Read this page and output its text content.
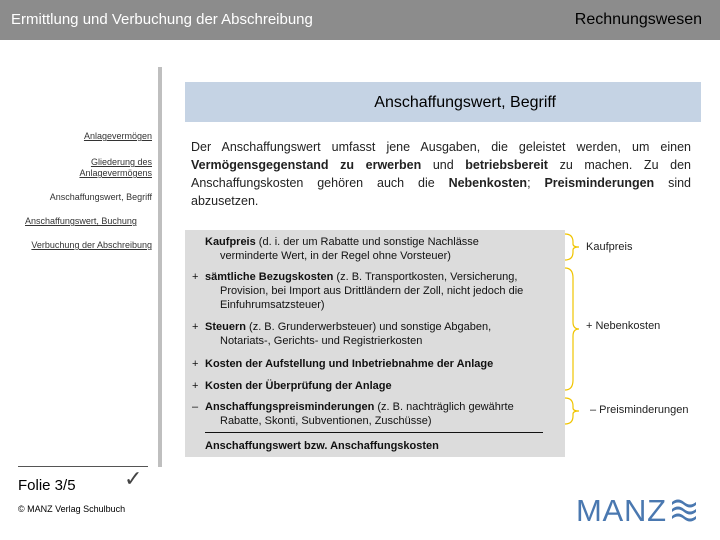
Ermittlung und Verbuchung der Abschreibung	Rechnungswesen
Anschaffungswert, Begriff
Anlagevermögen
Gliederung des Anlagevermögens
Anschaffungswert, Begriff
Anschaffungswert, Buchung
Verbuchung der Abschreibung
Der Anschaffungswert umfasst jene Ausgaben, die geleistet werden, um einen Vermögensgegenstand zu erwerben und betriebsbereit zu machen. Zu den Anschaffungskosten gehören auch die Nebenkosten; Preisminderungen sind abzusetzen.
Kaufpreis (d. i. der um Rabatte und sonstige Nachlässe
verminderte Wert, in der Regel ohne Vorsteuer)
+ sämtliche Bezugskosten (z. B. Transportkosten, Versicherung,
Provision, bei Import aus Drittländern der Zoll, nicht jedoch die
Einfuhrumsatzsteuer)
+ Steuern (z. B. Grunderwerbsteuer) und sonstige Abgaben,
Notariats-, Gerichts- und Registrierkosten
+ Kosten der Aufstellung und Inbetriebnahme der Anlage
+ Kosten der Überprüfung der Anlage
– Anschaffungspreisminderungen (z. B. nachträglich gewährte
Rabatte, Skonti, Subventionen, Zuschüsse)
Anschaffungswert bzw. Anschaffungskosten
Kaufpreis
+ Nebenkosten
– Preisminderungen
Folie 3/5 ✓
© MANZ Verlag Schulbuch	MANZ
